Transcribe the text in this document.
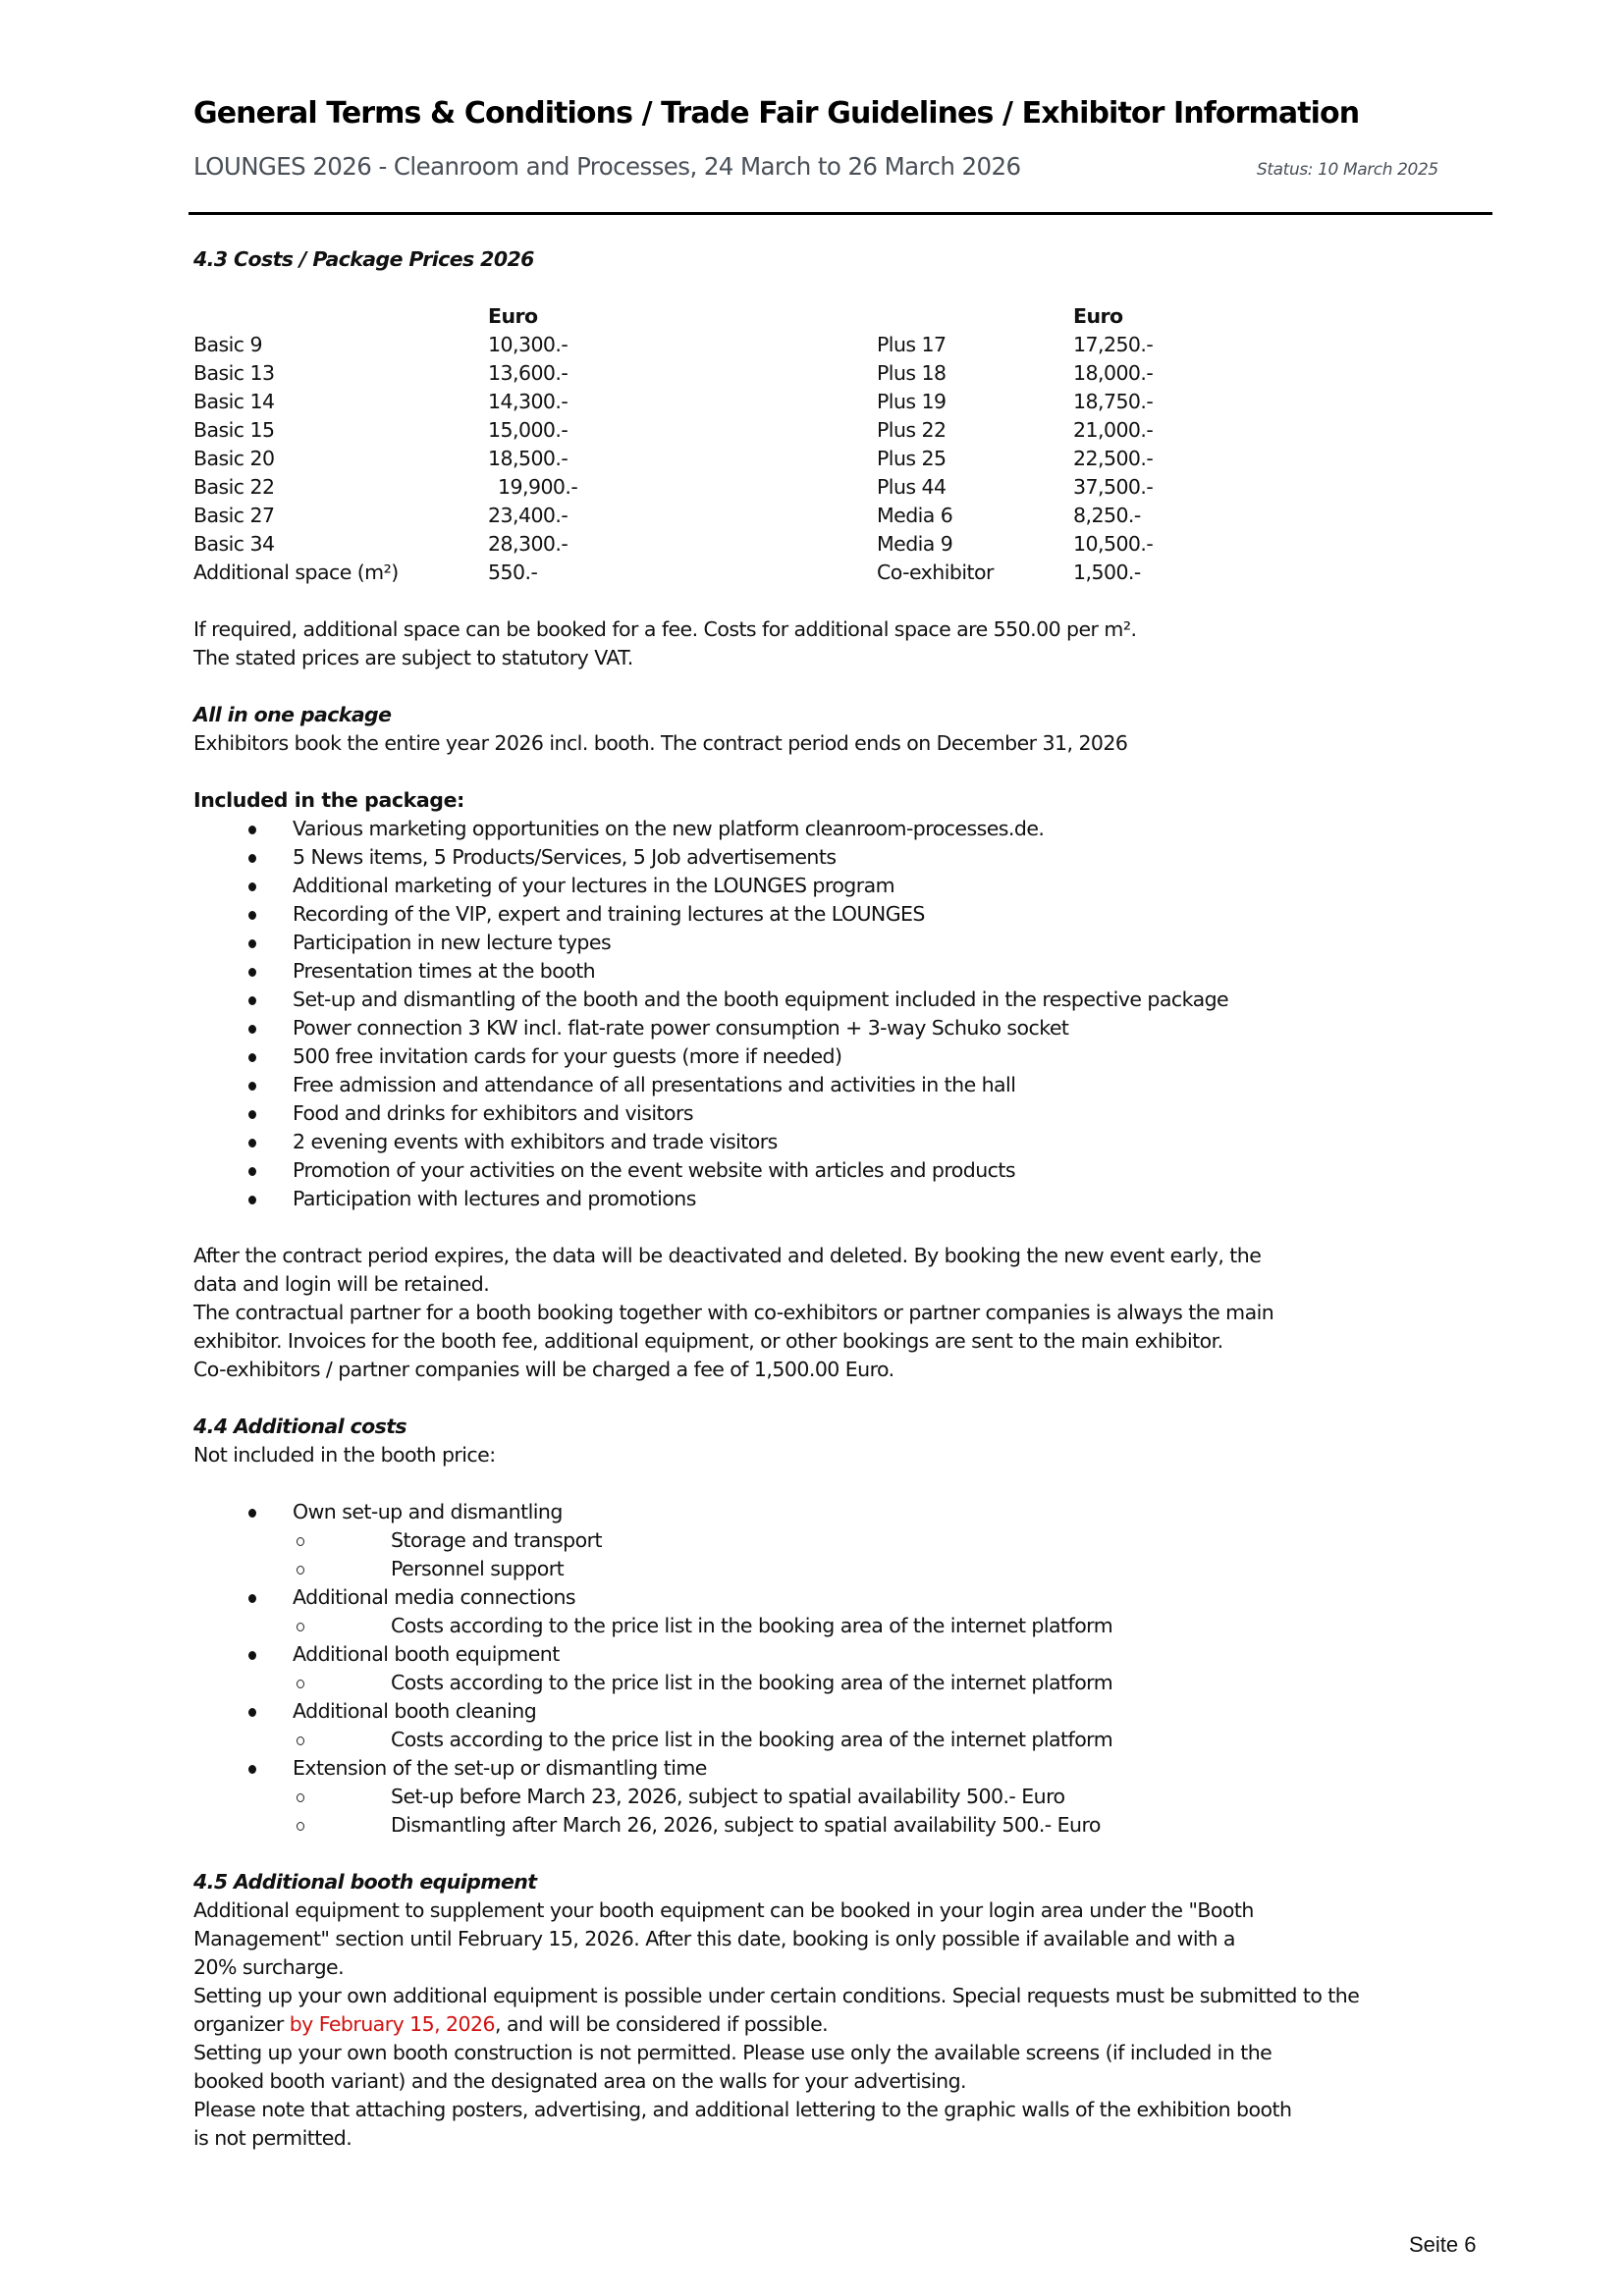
General Terms & Conditions / Trade Fair Guidelines / Exhibitor Information
LOUNGES 2026 - Cleanroom and Processes, 24 March to 26 March 2026	Status: 10 March 2025

4.3 Costs / Package Prices 2026

	Euro		Euro
Basic 9	10,300.-	Plus 17	17,250.-
Basic 13	13,600.-	Plus 18	18,000.-
Basic 14	14,300.-	Plus 19	18,750.-
Basic 15	15,000.-	Plus 22	21,000.-
Basic 20	18,500.-	Plus 25	22,500.-
Basic 22	19,900.-	Plus 44	37,500.-
Basic 27	23,400.-	Media 6	8,250.-
Basic 34	28,300.-	Media 9	10,500.-
Additional space (m²)	550.-	Co-exhibitor	1,500.-

If required, additional space can be booked for a fee. Costs for additional space are 550.00 per m².

The stated prices are subject to statutory VAT.

All in one package

Exhibitors book the entire year 2026 incl. booth. The contract period ends on December 31, 2026

Included in the package:

Various marketing opportunities on the new platform cleanroom-processes.de.
5 News items, 5 Products/Services, 5 Job advertisements
Additional marketing of your lectures in the LOUNGES program
Recording of the VIP, expert and training lectures at the LOUNGES
Participation in new lecture types
Presentation times at the booth
Set-up and dismantling of the booth and the booth equipment included in the respective package
Power connection 3 KW incl. flat-rate power consumption + 3-way Schuko socket
500 free invitation cards for your guests (more if needed)
Free admission and attendance of all presentations and activities in the hall
Food and drinks for exhibitors and visitors
2 evening events with exhibitors and trade visitors
Promotion of your activities on the event website with articles and products
Participation with lectures and promotions

After the contract period expires, the data will be deactivated and deleted. By booking the new event early, the

data and login will be retained.

The contractual partner for a booth booking together with co-exhibitors or partner companies is always the main

exhibitor. Invoices for the booth fee, additional equipment, or other bookings are sent to the main exhibitor.

Co-exhibitors / partner companies will be charged a fee of 1,500.00 Euro.

4.4 Additional costs

Not included in the booth price:

Own set-up and dismantling
Storage and transport
Personnel support
Additional media connections
Costs according to the price list in the booking area of the internet platform
Additional booth equipment
Costs according to the price list in the booking area of the internet platform
Additional booth cleaning
Costs according to the price list in the booking area of the internet platform
Extension of the set-up or dismantling time
Set-up before March 23, 2026, subject to spatial availability 500.- Euro
Dismantling after March 26, 2026, subject to spatial availability 500.- Euro

4.5 Additional booth equipment

Additional equipment to supplement your booth equipment can be booked in your login area under the "Booth

Management" section until February 15, 2026. After this date, booking is only possible if available and with a

20% surcharge.

Setting up your own additional equipment is possible under certain conditions. Special requests must be submitted to the

organizer by February 15, 2026, and will be considered if possible.

Setting up your own booth construction is not permitted. Please use only the available screens (if included in the

booked booth variant) and the designated area on the walls for your advertising.

Please note that attaching posters, advertising, and additional lettering to the graphic walls of the exhibition booth

is not permitted.

Seite 6
